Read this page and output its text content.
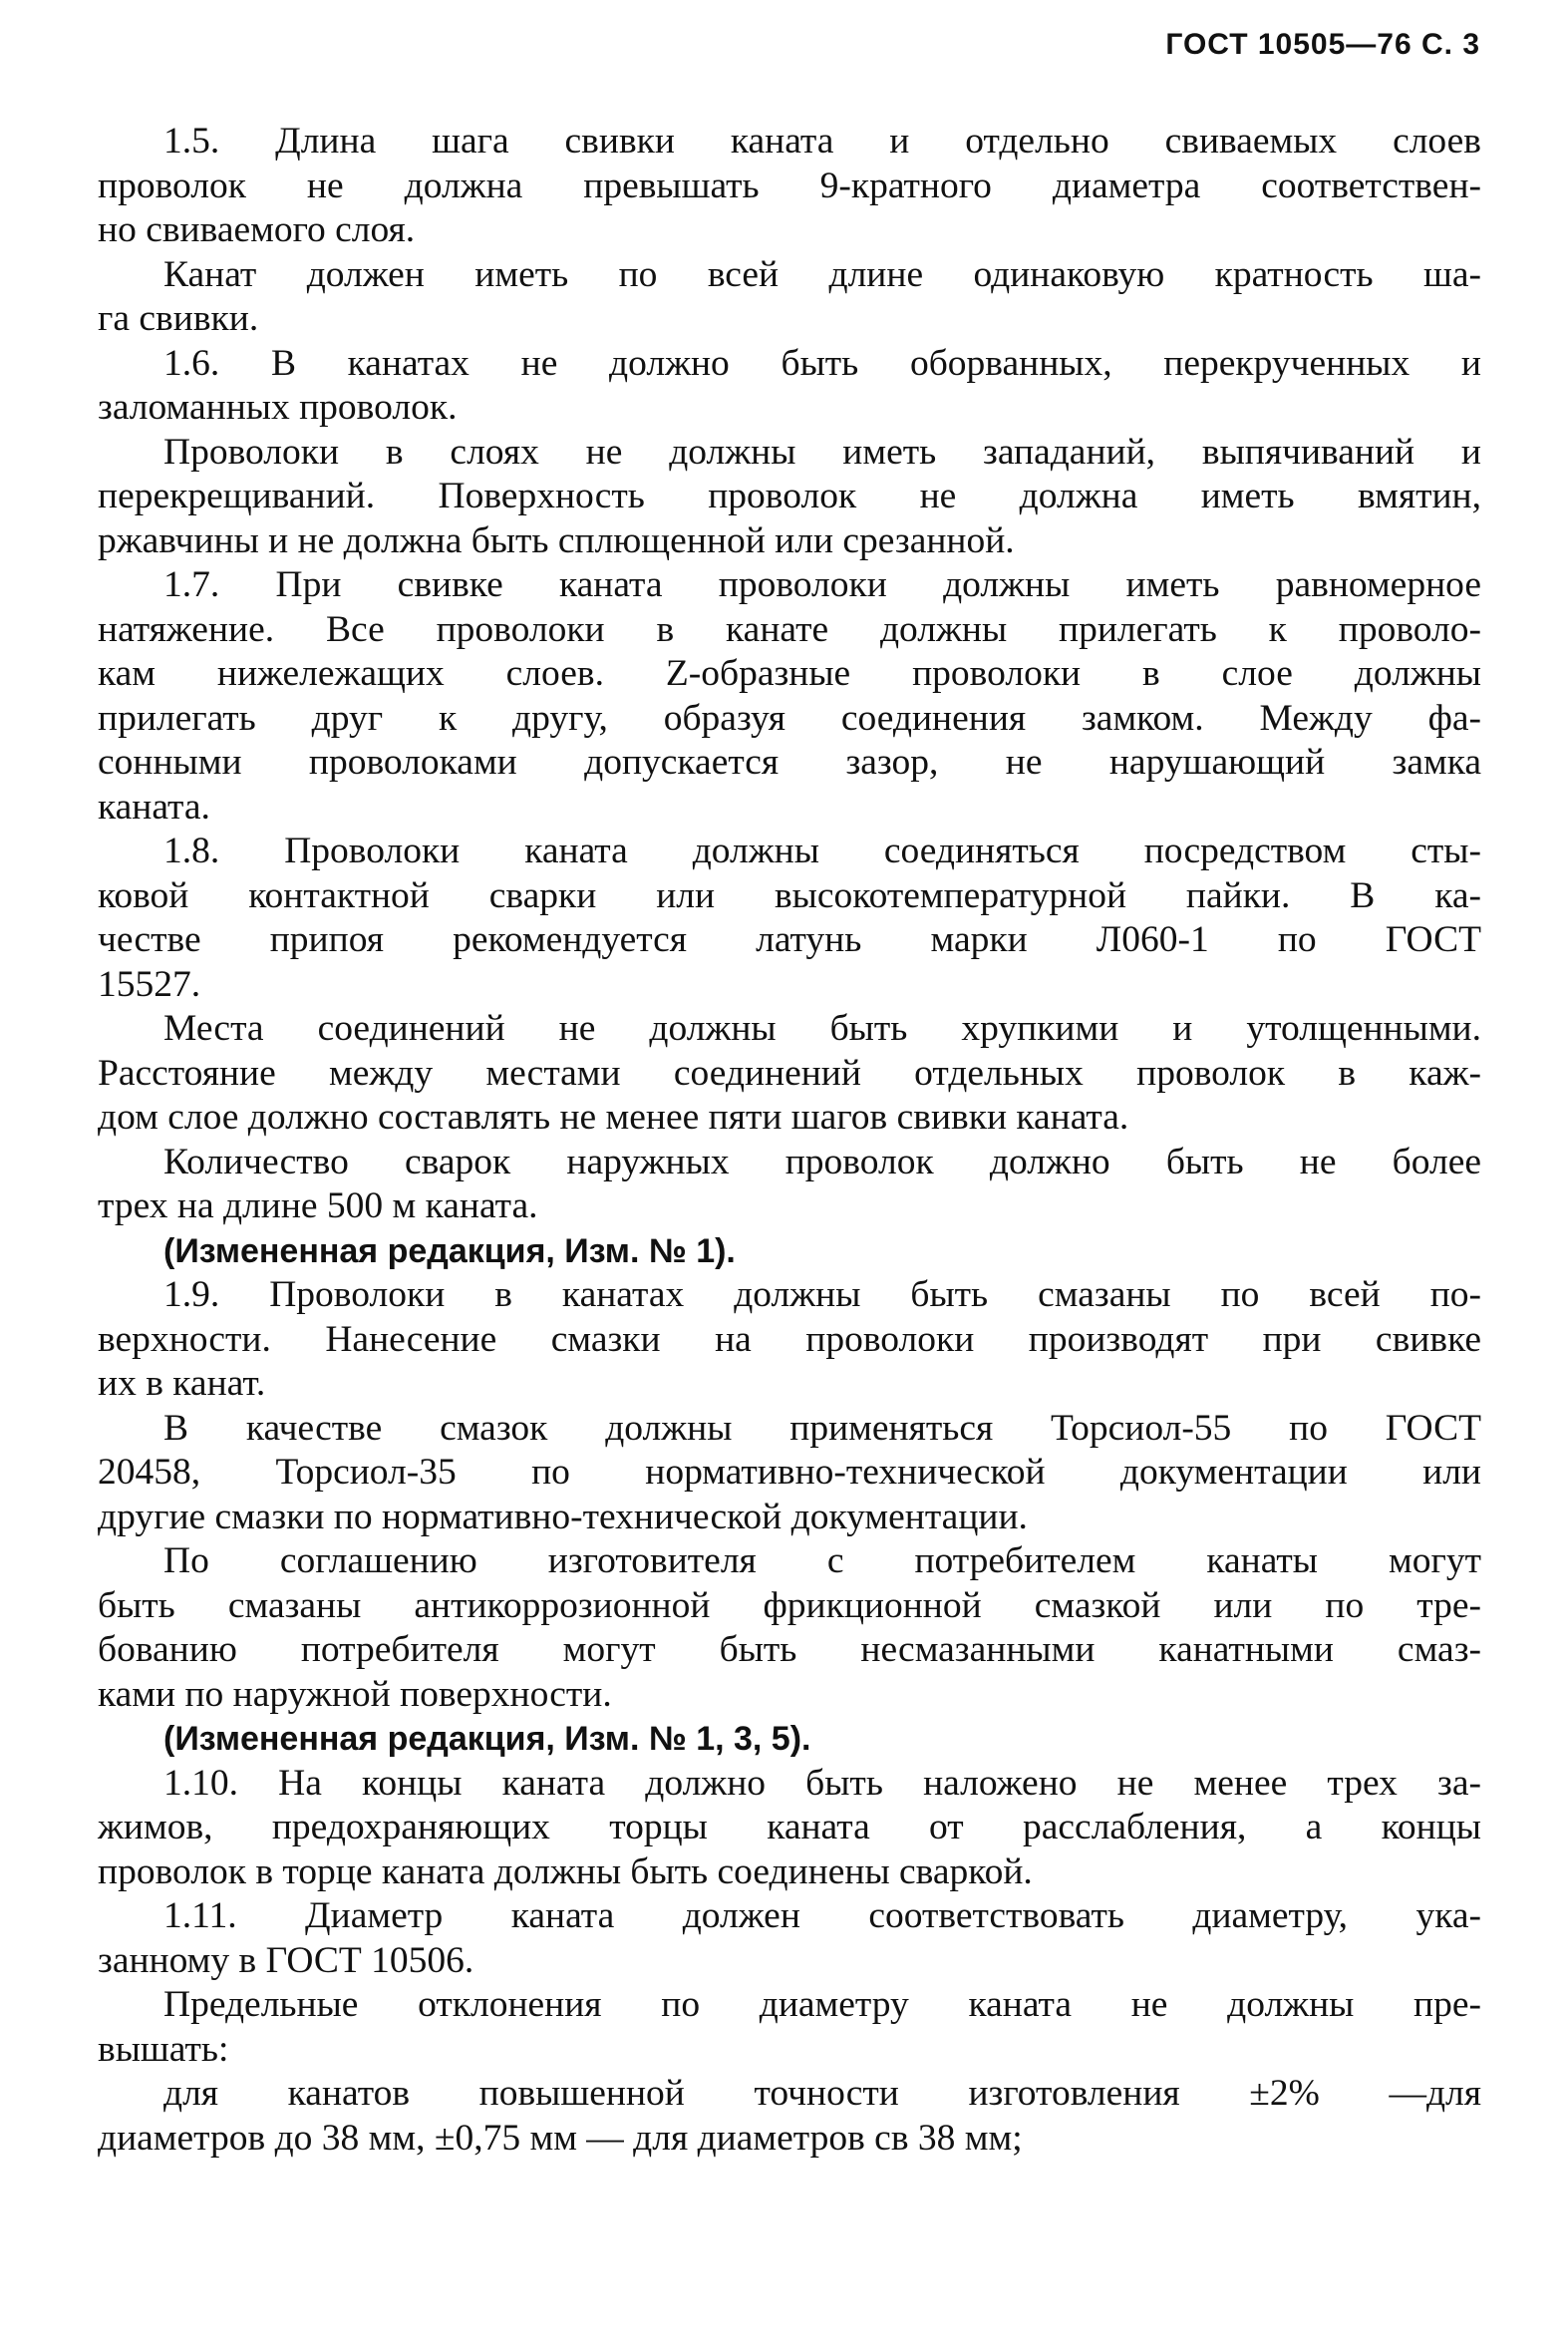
ГОСТ 10505—76 С. 3
1.5. Длина шага свивки каната и отдельно свиваемых слоев
проволок не должна превышать 9-кратного диаметра соответствен-
но свиваемого слоя.
Канат должен иметь по всей длине одинаковую кратность ша-
га свивки.
1.6. В канатах не должно быть оборванных, перекрученных и
заломанных проволок.
Проволоки в слоях не должны иметь западаний, выпячиваний и
перекрещиваний. Поверхность проволок не должна иметь вмятин,
ржавчины и не должна быть сплющенной или срезанной.
1.7. При свивке каната проволоки должны иметь равномерное
натяжение. Все проволоки в канате должны прилегать к проволо-
кам нижележащих слоев. Z-образные проволоки в слое должны
прилегать друг к другу, образуя соединения замком. Между фа-
сонными проволоками допускается зазор, не нарушающий замка
каната.
1.8. Проволоки каната должны соединяться посредством сты-
ковой контактной сварки или высокотемпературной пайки. В ка-
честве припоя рекомендуется латунь марки Л060-1 по ГОСТ
15527.
Места соединений не должны быть хрупкими и утолщенными.
Расстояние между местами соединений отдельных проволок в каж-
дом слое должно составлять не менее пяти шагов свивки каната.
Количество сварок наружных проволок должно быть не более
трех на длине 500 м каната.
(Измененная редакция, Изм. № 1).
1.9. Проволоки в канатах должны быть смазаны по всей по-
верхности. Нанесение смазки на проволоки производят при свивке
их в канат.
В качестве смазок должны применяться Торсиол-55 по ГОСТ
20458, Торсиол-35 по нормативно-технической документации или
другие смазки по нормативно-технической документации.
По соглашению изготовителя с потребителем канаты могут
быть смазаны антикоррозионной фрикционной смазкой или по тре-
бованию потребителя могут быть несмазанными канатными смаз-
ками по наружной поверхности.
(Измененная редакция, Изм. № 1, 3, 5).
1.10. На концы каната должно быть наложено не менее трех за-
жимов, предохраняющих торцы каната от расслабления, а концы
проволок в торце каната должны быть соединены сваркой.
1.11. Диаметр каната должен соответствовать диаметру, ука-
занному в ГОСТ 10506.
Предельные отклонения по диаметру каната не должны пре-
вышать:
для канатов повышенной точности изготовления ±2% —для
диаметров до 38 мм, ±0,75 мм — для диаметров св 38 мм;
